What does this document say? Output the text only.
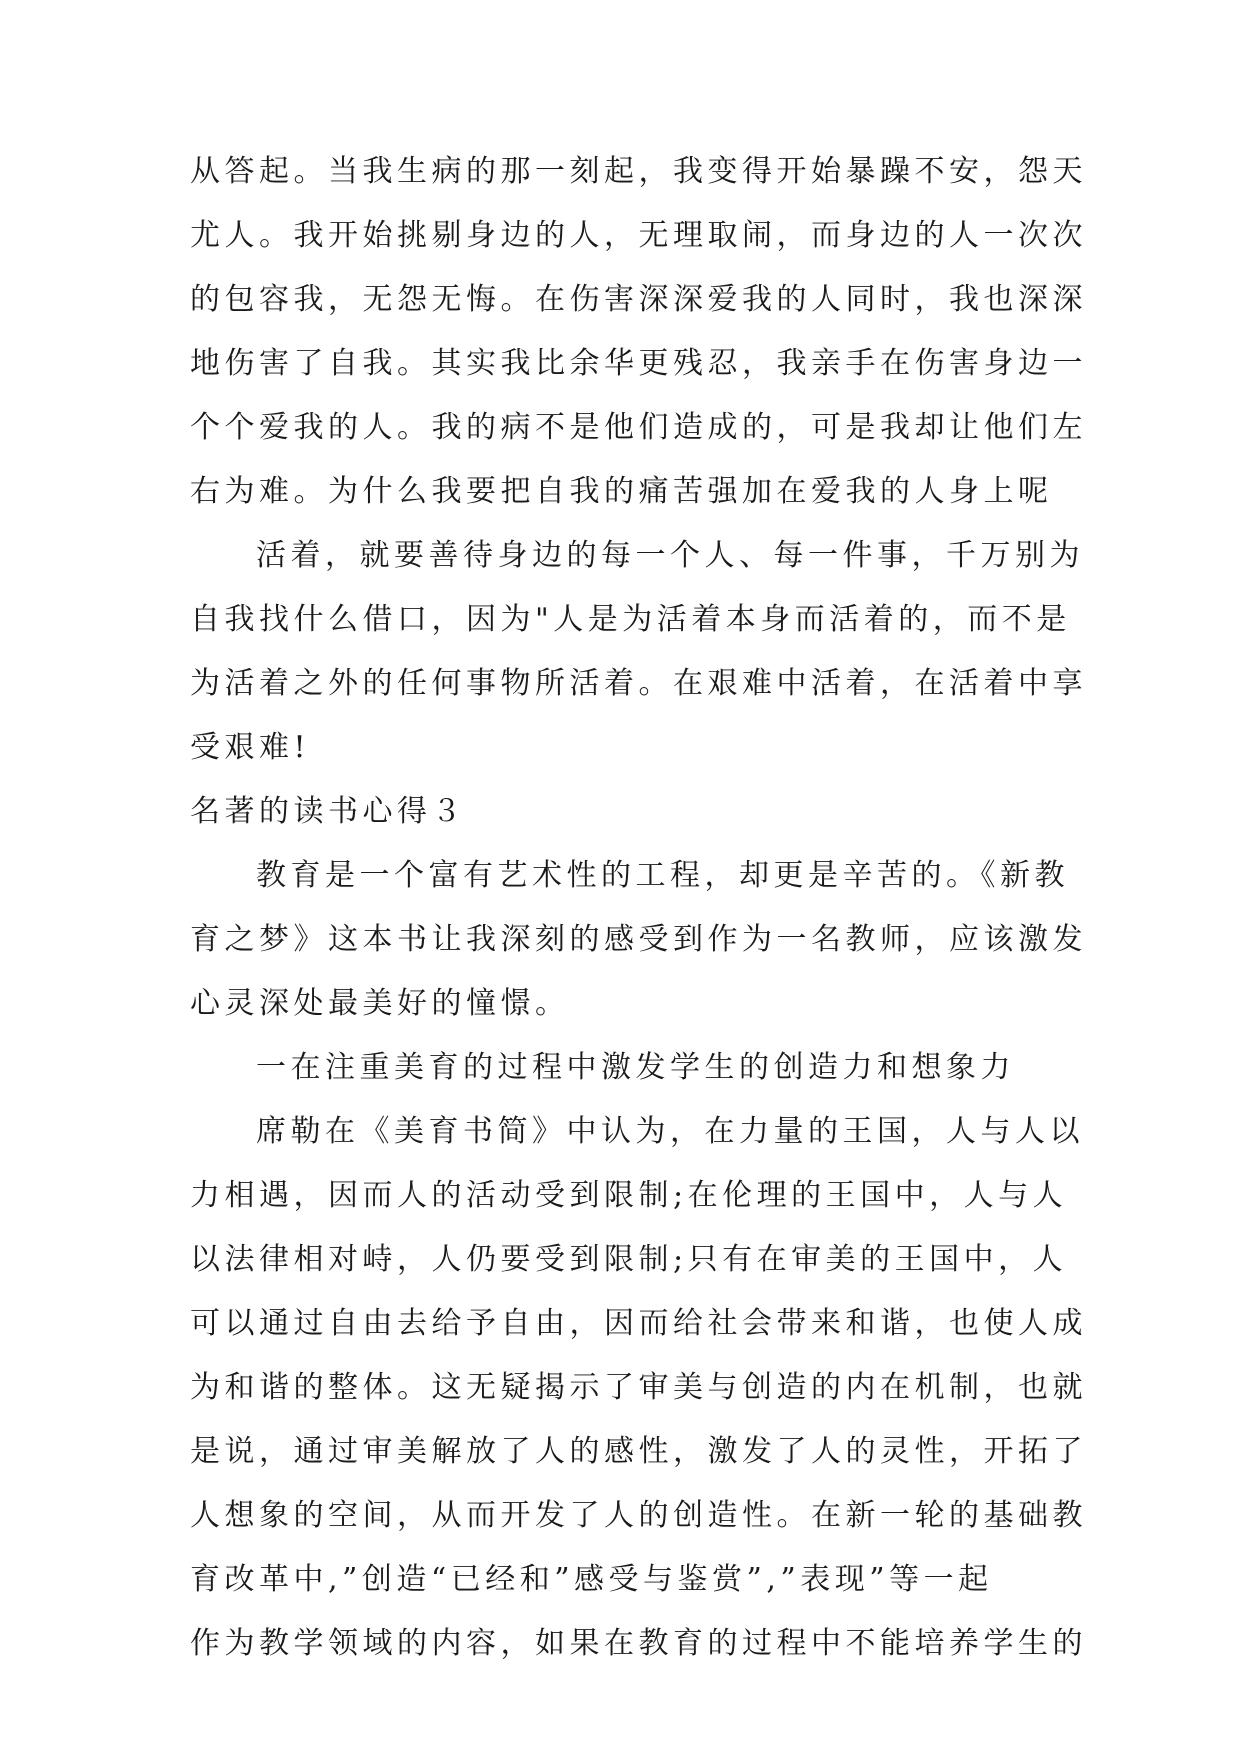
从答起。当我生病的那一刻起，我变得开始暴躁不安，怨天
尤人。我开始挑剔身边的人，无理取闹，而身边的人一次次
的包容我，无怨无悔。在伤害深深爱我的人同时，我也深深
地伤害了自我。其实我比余华更残忍，我亲手在伤害身边一
个个爱我的人。我的病不是他们造成的，可是我却让他们左
右为难。为什么我要把自我的痛苦强加在爱我的人身上呢
活着，就要善待身边的每一个人、每一件事，千万别为
自我找什么借口，因为"人是为活着本身而活着的，而不是
为活着之外的任何事物所活着。在艰难中活着，在活着中享
受艰难!
名著的读书心得３
教育是一个富有艺术性的工程，却更是辛苦的。《新教
育之梦》这本书让我深刻的感受到作为一名教师，应该激发
心灵深处最美好的憧憬。
一在注重美育的过程中激发学生的创造力和想象力
席勒在《美育书简》中认为，在力量的王国，人与人以
力相遇，因而人的活动受到限制;在伦理的王国中，人与人
以法律相对峙，人仍要受到限制;只有在审美的王国中，人
可以通过自由去给予自由，因而给社会带来和谐，也使人成
为和谐的整体。这无疑揭示了审美与创造的内在机制，也就
是说，通过审美解放了人的感性，激发了人的灵性，开拓了
人想象的空间，从而开发了人的创造性。在新一轮的基础教
育改革中,”创造“已经和”感受与鉴赏”,”表现”等一起
作为教学领域的内容，如果在教育的过程中不能培养学生的
